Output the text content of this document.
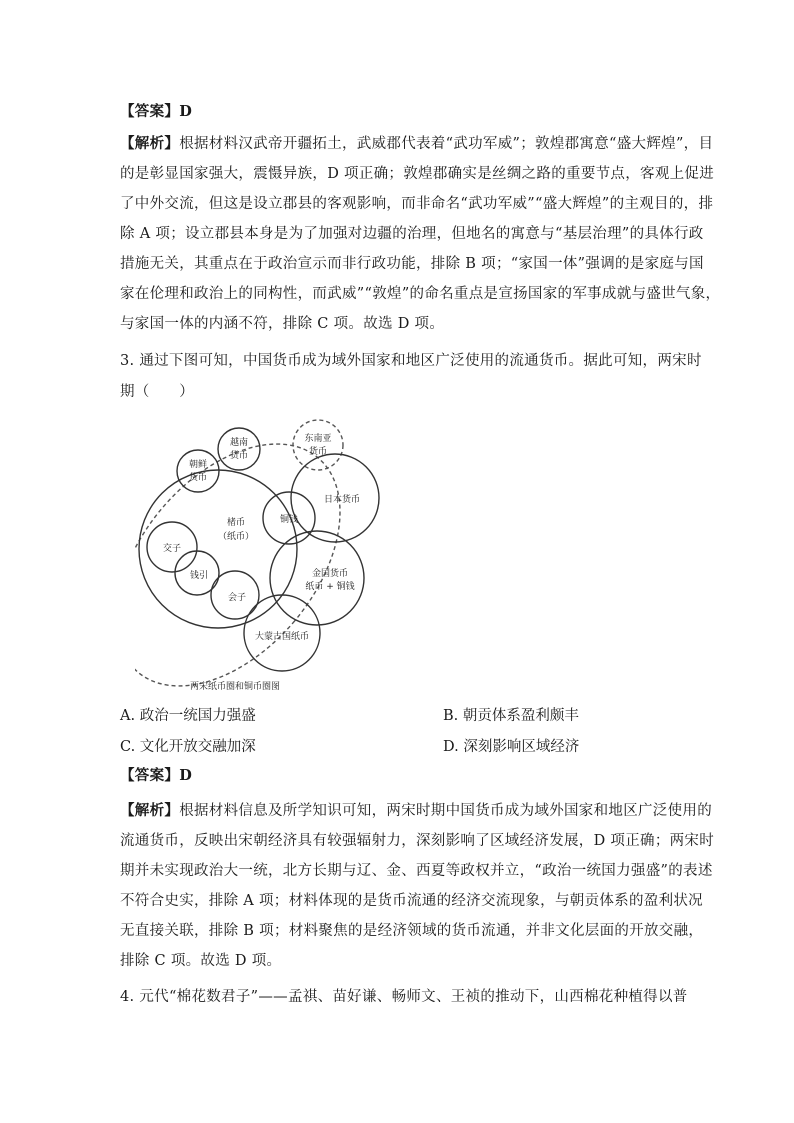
【答案】D
【解析】根据材料汉武帝开疆拓土，武威郡代表着“武功军威”；敦煌郡寓意“盛大辉煌”，目
的是彰显国家强大，震慑异族，D 项正确；敦煌郡确实是丝绸之路的重要节点，客观上促进
了中外交流，但这是设立郡县的客观影响，而非命名“武功军威”“盛大辉煌”的主观目的，排
除 A 项；设立郡县本身是为了加强对边疆的治理，但地名的寓意与“基层治理”的具体行政
措施无关，其重点在于政治宣示而非行政功能，排除 B 项；“家国一体”强调的是家庭与国
家在伦理和政治上的同构性，而武威”“敦煌”的命名重点是宣扬国家的军事成就与盛世气象，
与家国一体的内涵不符，排除 C 项。故选 D 项。
3. 通过下图可知，中国货币成为域外国家和地区广泛使用的流通货币。据此可知，两宋时
期（　　）
越南
货币
东南亚
货币
朝鲜
货币
日本货币
铜钱
楮币
（纸币）
交子
钱引
会子
金国货币
纸币 + 铜钱
大蒙古国纸币
两宋纸币圈和铜币圈图
A. 政治一统国力强盛	B. 朝贡体系盈利颇丰
C. 文化开放交融加深	D. 深刻影响区域经济
【答案】D
【解析】根据材料信息及所学知识可知，两宋时期中国货币成为域外国家和地区广泛使用的
流通货币，反映出宋朝经济具有较强辐射力，深刻影响了区域经济发展，D 项正确；两宋时
期并未实现政治大一统，北方长期与辽、金、西夏等政权并立，“政治一统国力强盛”的表述
不符合史实，排除 A 项；材料体现的是货币流通的经济交流现象，与朝贡体系的盈利状况
无直接关联，排除 B 项；材料聚焦的是经济领域的货币流通，并非文化层面的开放交融，
排除 C 项。故选 D 项。
4. 元代“棉花数君子”——孟祺、苗好谦、畅师文、王祯的推动下，山西棉花种植得以普
